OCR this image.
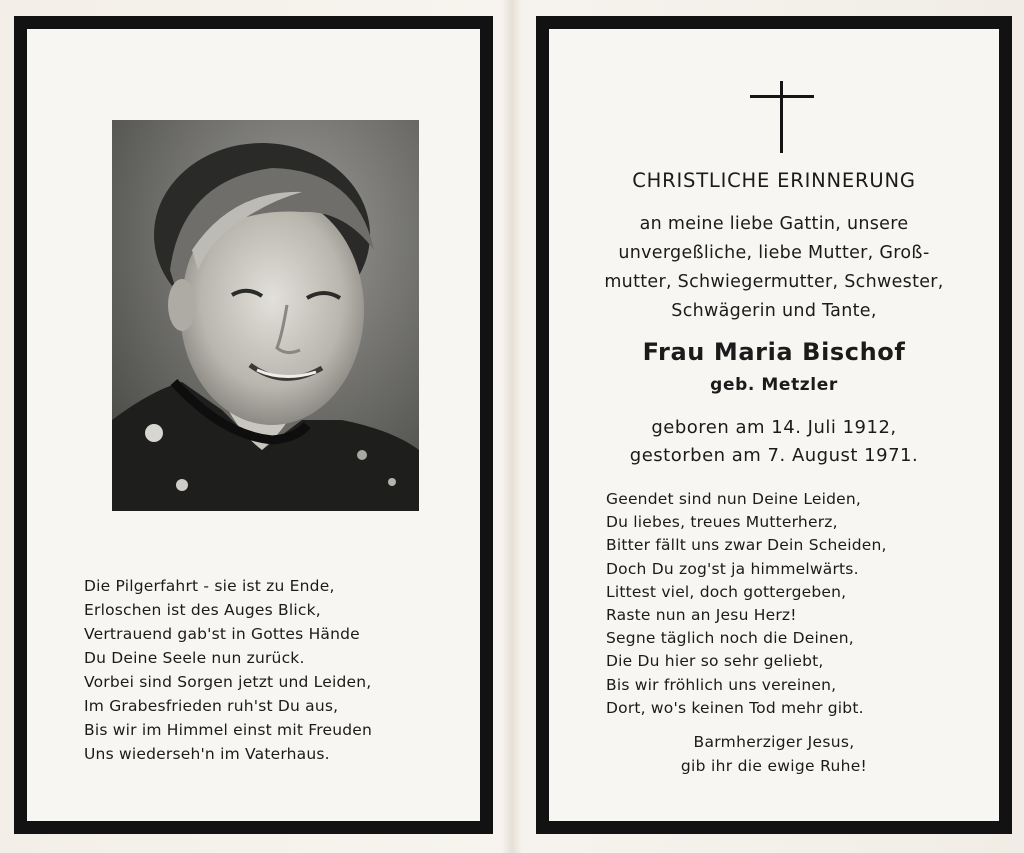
Die Pilgerfahrt - sie ist zu Ende,
Erloschen ist des Auges Blick,
Vertrauend gab'st in Gottes Hände
Du Deine Seele nun zurück.
Vorbei sind Sorgen jetzt und Leiden,
Im Grabesfrieden ruh'st Du aus,
Bis wir im Himmel einst mit Freuden
Uns wiederseh'n im Vaterhaus.
CHRISTLICHE ERINNERUNG
an meine liebe Gattin, unsere
unvergeßliche, liebe Mutter, Groß-
mutter, Schwiegermutter, Schwester,
Schwägerin und Tante,
Frau Maria Bischof
geb. Metzler
geboren am 14. Juli 1912,
gestorben am 7. August 1971.
Geendet sind nun Deine Leiden,
Du liebes, treues Mutterherz,
Bitter fällt uns zwar Dein Scheiden,
Doch Du zog'st ja himmelwärts.
Littest viel, doch gottergeben,
Raste nun an Jesu Herz!
Segne täglich noch die Deinen,
Die Du hier so sehr geliebt,
Bis wir fröhlich uns vereinen,
Dort, wo's keinen Tod mehr gibt.
Barmherziger Jesus,
gib ihr die ewige Ruhe!
